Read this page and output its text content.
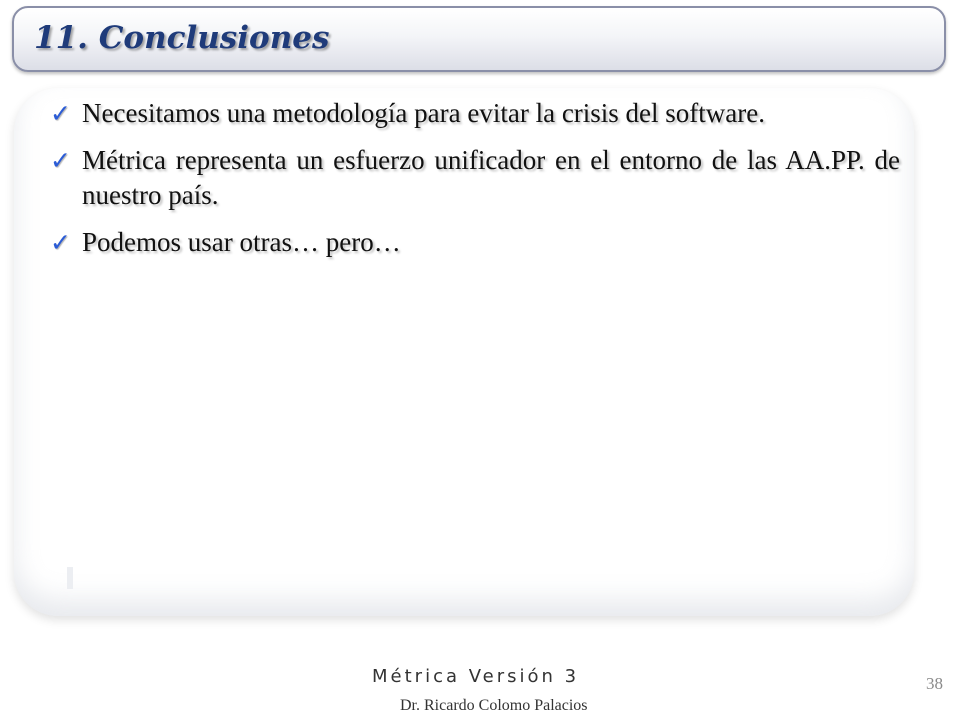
11. Conclusiones
✓ Necesitamos una metodología para evitar la crisis del software.
✓ Métrica representa un esfuerzo unificador en el entorno de las AA.PP. de nuestro país.
✓ Podemos usar otras… pero…
Métrica Versión 3
Dr. Ricardo Colomo Palacios
38
